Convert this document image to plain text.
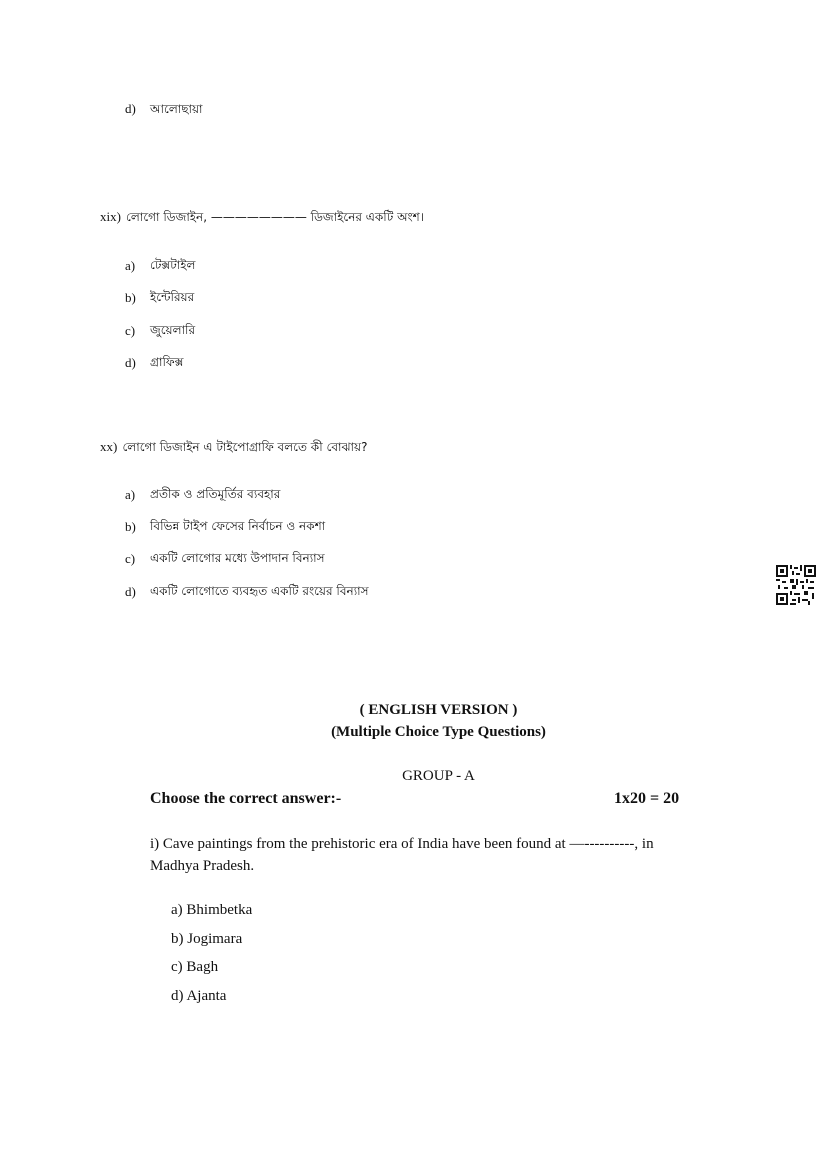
d) আলোছায়া
xix) লোগো ডিজাইন, ———————— ডিজাইনের একটি অংশ।
a) টেক্সটাইল
b) ইন্টেরিয়র
c) জুয়েলারি
d) গ্রাফিক্স
xx) লোগো ডিজাইন এ টাইপোগ্রাফি বলতে কী বোঝায়?
a) প্রতীক ও প্রতিমূর্তির ব্যবহার
b) বিভিন্ন টাইপ ফেসের নির্বাচন ও নকশা
c) একটি লোগোর মধ্যে উপাদান বিন্যাস
d) একটি লোগোতে ব্যবহৃত একটি রংয়ের বিন্যাস
( ENGLISH VERSION )
(Multiple Choice Type Questions)
GROUP - A
Choose the correct answer:-	1x20 = 20
i) Cave paintings from the prehistoric era of India have been found at —----------, in
Madhya Pradesh.
a) Bhimbetka
b) Jogimara
c) Bagh
d) Ajanta
